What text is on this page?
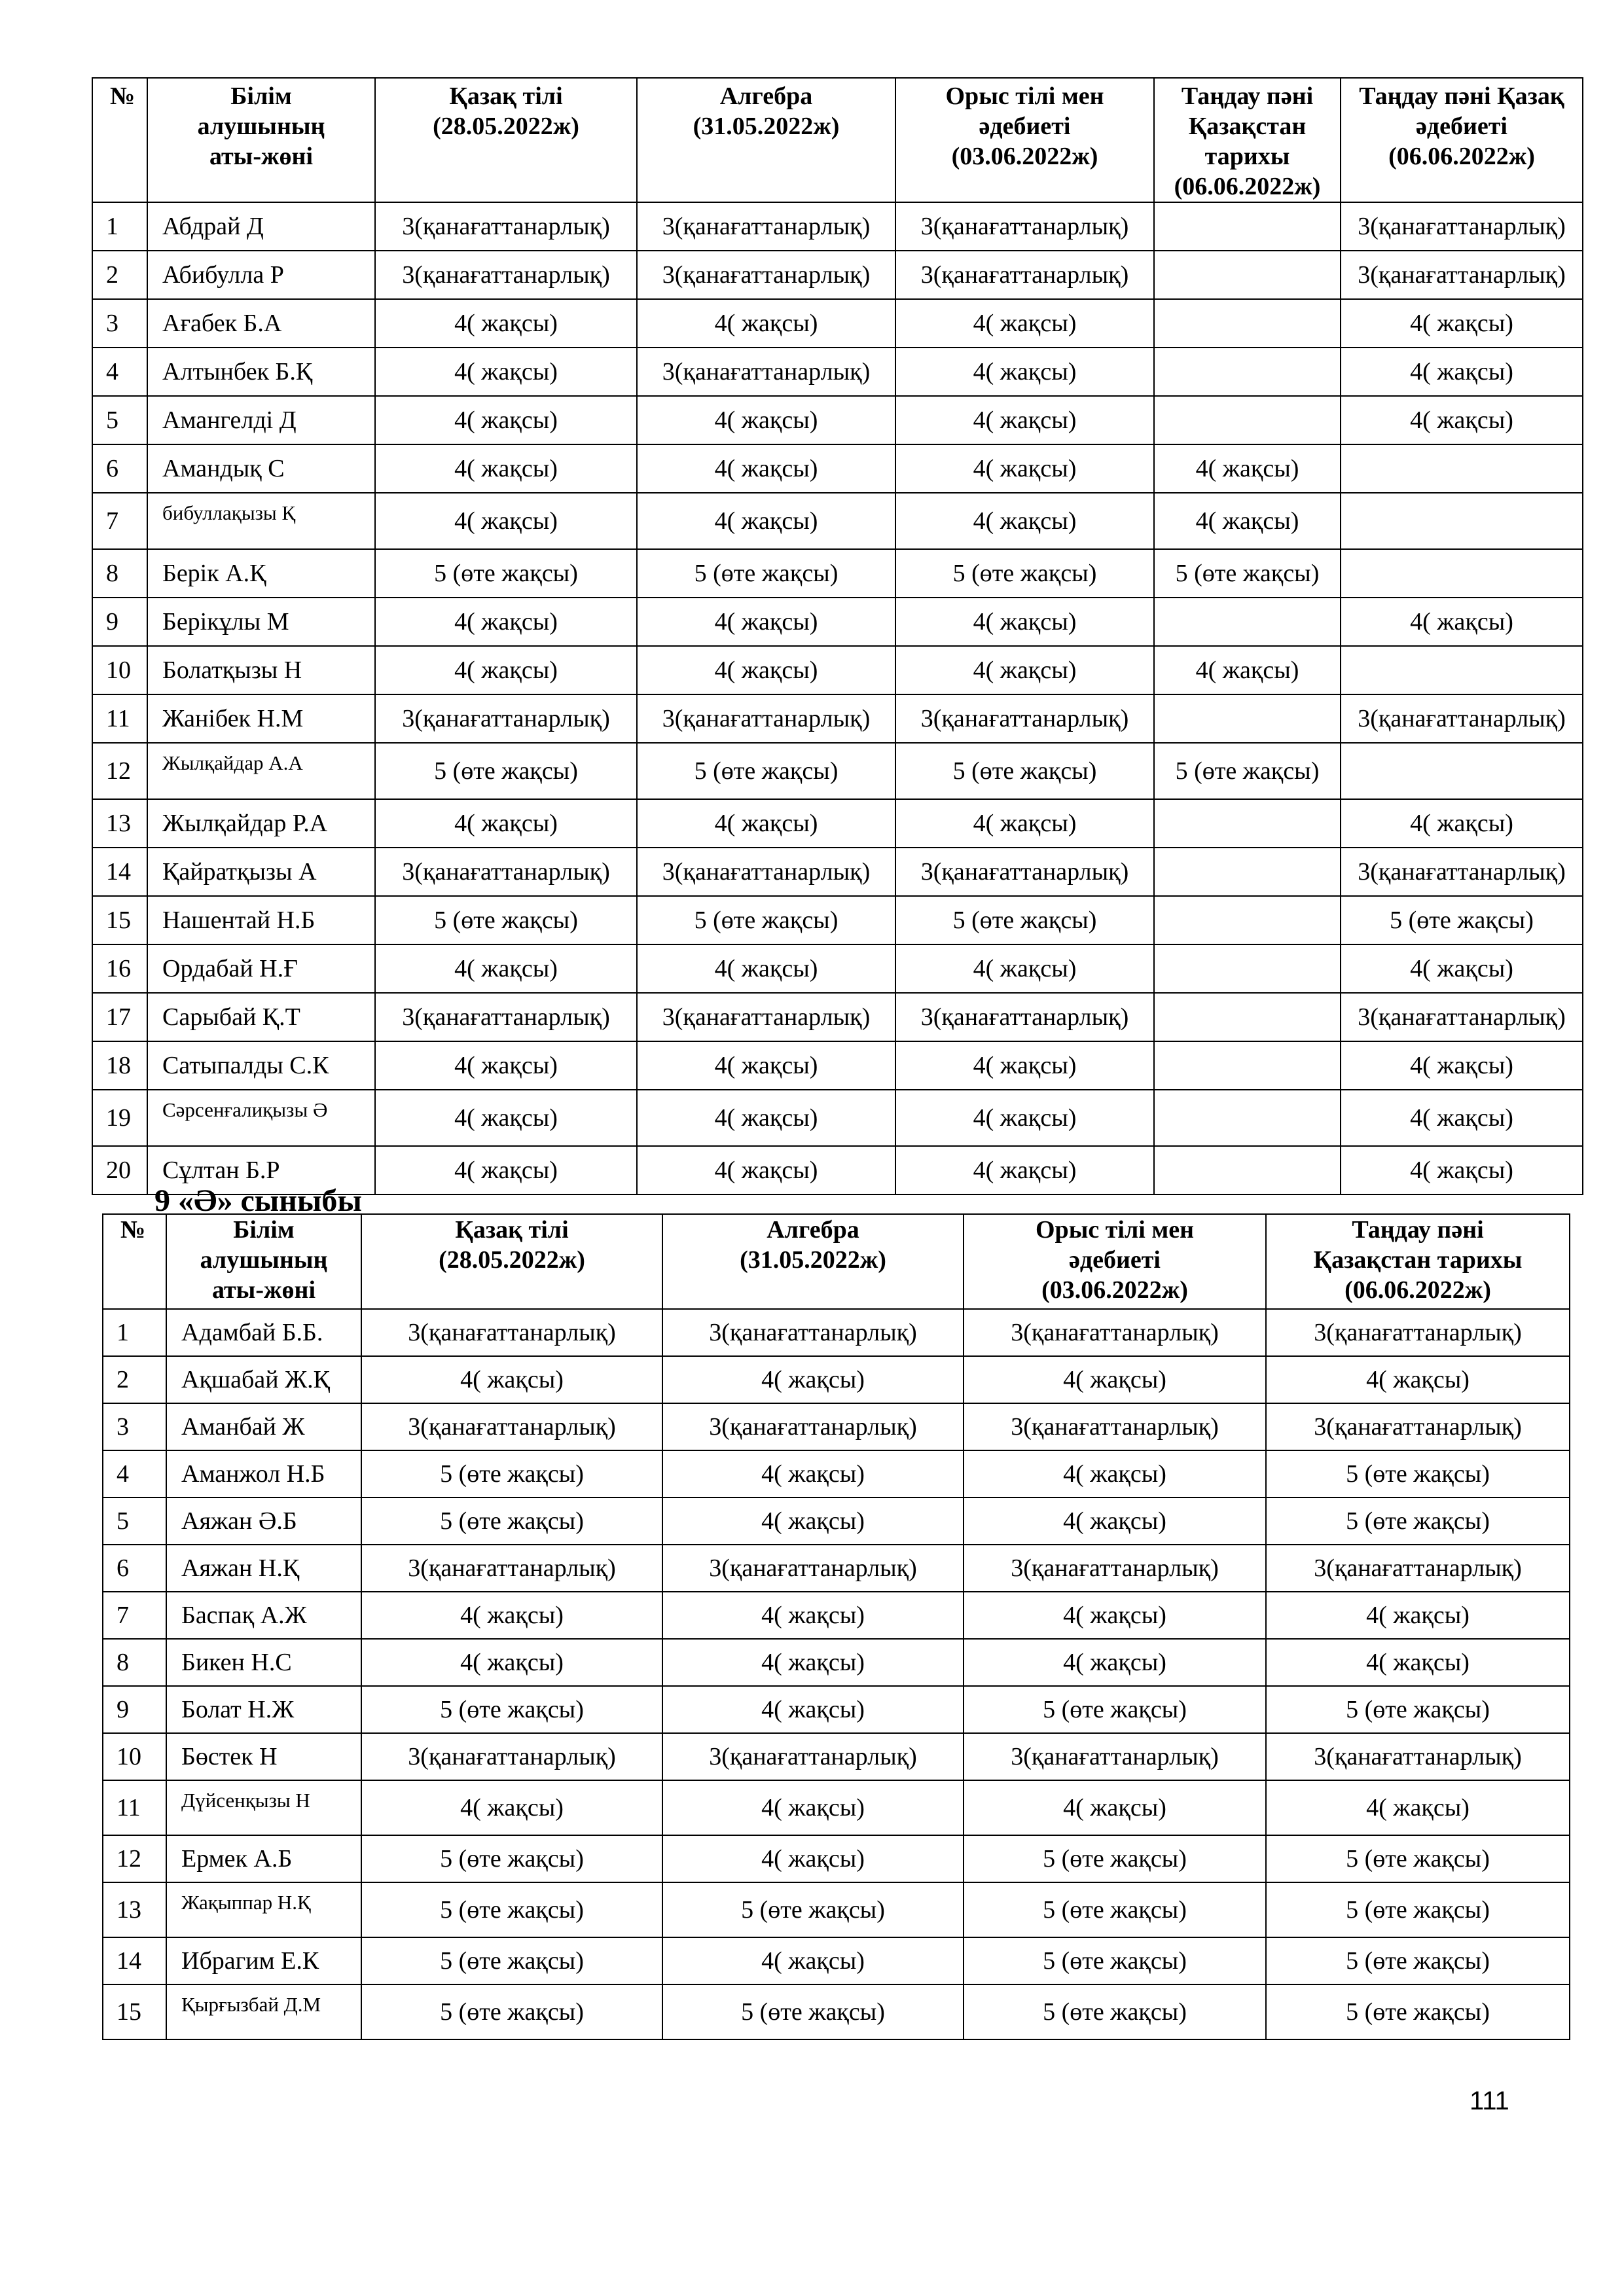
№	Білім алушының аты-жөні	Қазақ тілі (28.05.2022ж)	Алгебра (31.05.2022ж)	Орыс тілі мен әдебиеті (03.06.2022ж)	Таңдау пәні Қазақстан тарихы (06.06.2022ж)	Таңдау пәні Қазақ әдебиеті (06.06.2022ж)
1	Абдрай Д	3(қанағаттанарлық)	3(қанағаттанарлық)	3(қанағаттанарлық)		3(қанағаттанарлық)
2	Абибулла Р	3(қанағаттанарлық)	3(қанағаттанарлық)	3(қанағаттанарлық)		3(қанағаттанарлық)
3	Ағабек Б.А	4( жақсы)	4( жақсы)	4( жақсы)		4( жақсы)
4	Алтынбек Б.Қ	4( жақсы)	3(қанағаттанарлық)	4( жақсы)		4( жақсы)
5	Амангелді Д	4( жақсы)	4( жақсы)	4( жақсы)		4( жақсы)
6	Амандық С	4( жақсы)	4( жақсы)	4( жақсы)	4( жақсы)	
7	бибуллақызы Қ	4( жақсы)	4( жақсы)	4( жақсы)	4( жақсы)	
8	Берік А.Қ	5 (өте жақсы)	5 (өте жақсы)	5 (өте жақсы)	5 (өте жақсы)	
9	Берікұлы М	4( жақсы)	4( жақсы)	4( жақсы)		4( жақсы)
10	Болатқызы Н	4( жақсы)	4( жақсы)	4( жақсы)	4( жақсы)	
11	Жанібек Н.М	3(қанағаттанарлық)	3(қанағаттанарлық)	3(қанағаттанарлық)		3(қанағаттанарлық)
12	Жылқайдар А.А	5 (өте жақсы)	5 (өте жақсы)	5 (өте жақсы)	5 (өте жақсы)	
13	Жылқайдар Р.А	4( жақсы)	4( жақсы)	4( жақсы)		4( жақсы)
14	Қайратқызы А	3(қанағаттанарлық)	3(қанағаттанарлық)	3(қанағаттанарлық)		3(қанағаттанарлық)
15	Нашентай Н.Б	5 (өте жақсы)	5 (өте жақсы)	5 (өте жақсы)		5 (өте жақсы)
16	Ордабай Н.Ғ	4( жақсы)	4( жақсы)	4( жақсы)		4( жақсы)
17	Сарыбай Қ.Т	3(қанағаттанарлық)	3(қанағаттанарлық)	3(қанағаттанарлық)		3(қанағаттанарлық)
18	Сатыпалды С.К	4( жақсы)	4( жақсы)	4( жақсы)		4( жақсы)
19	Сәрсенғалиқызы Ә	4( жақсы)	4( жақсы)	4( жақсы)		4( жақсы)
20	Сұлтан Б.Р	4( жақсы)	4( жақсы)	4( жақсы)		4( жақсы)
9 «Ә» сыныбы
№	Білім алушының аты-жөні	Қазақ тілі (28.05.2022ж)	Алгебра (31.05.2022ж)	Орыс тілі мен әдебиеті (03.06.2022ж)	Таңдау пәні Қазақстан тарихы (06.06.2022ж)
1	Адамбай Б.Б.	3(қанағаттанарлық)	3(қанағаттанарлық)	3(қанағаттанарлық)	3(қанағаттанарлық)
2	Ақшабай Ж.Қ	4( жақсы)	4( жақсы)	4( жақсы)	4( жақсы)
3	Аманбай Ж	3(қанағаттанарлық)	3(қанағаттанарлық)	3(қанағаттанарлық)	3(қанағаттанарлық)
4	Аманжол Н.Б	5 (өте жақсы)	4( жақсы)	4( жақсы)	5 (өте жақсы)
5	Аяжан Ә.Б	5 (өте жақсы)	4( жақсы)	4( жақсы)	5 (өте жақсы)
6	Аяжан Н.Қ	3(қанағаттанарлық)	3(қанағаттанарлық)	3(қанағаттанарлық)	3(қанағаттанарлық)
7	Баспақ А.Ж	4( жақсы)	4( жақсы)	4( жақсы)	4( жақсы)
8	Бикен Н.С	4( жақсы)	4( жақсы)	4( жақсы)	4( жақсы)
9	Болат Н.Ж	5 (өте жақсы)	4( жақсы)	5 (өте жақсы)	5 (өте жақсы)
10	Бөстек Н	3(қанағаттанарлық)	3(қанағаттанарлық)	3(қанағаттанарлық)	3(қанағаттанарлық)
11	Дүйсенқызы Н	4( жақсы)	4( жақсы)	4( жақсы)	4( жақсы)
12	Ермек А.Б	5 (өте жақсы)	4( жақсы)	5 (өте жақсы)	5 (өте жақсы)
13	Жақыппар Н.Қ	5 (өте жақсы)	5 (өте жақсы)	5 (өте жақсы)	5 (өте жақсы)
14	Ибрагим Е.К	5 (өте жақсы)	4( жақсы)	5 (өте жақсы)	5 (өте жақсы)
15	Қырғызбай Д.М	5 (өте жақсы)	5 (өте жақсы)	5 (өте жақсы)	5 (өте жақсы)
111
